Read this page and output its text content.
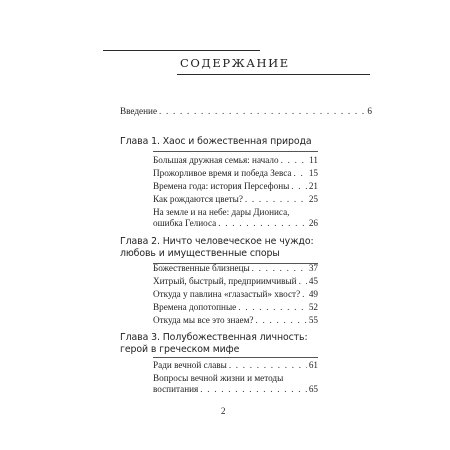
СОДЕРЖАНИЕ
Введение . . .	6
Глава 1. Хаос и божественная природа
Большая дружная семья: начало . . .	11
Прожорливое время и победа Зевса . . . 15
Времена года: история Персефоны . . . 21
Как рождаются цветы? . . .	25
На земле и на небе: дары Диониса,
ошибка Гелиоса . . .	26
Глава 2. Ничто человеческое не чуждо:
любовь и имущественные споры
Божественные близнецы . . .	37
Хитрый, быстрый, предприимчивый . . . 45
Откуда у павлина «глазастый» хвост? . . . 49
Времена допотопные . . .	52
Откуда мы все это знаем? . . .	55
Глава 3. Полубожественная личность:
герой в греческом мифе
Ради вечной славы . . .	61
Вопросы вечной жизни и методы
воспитания . . .	65
2
